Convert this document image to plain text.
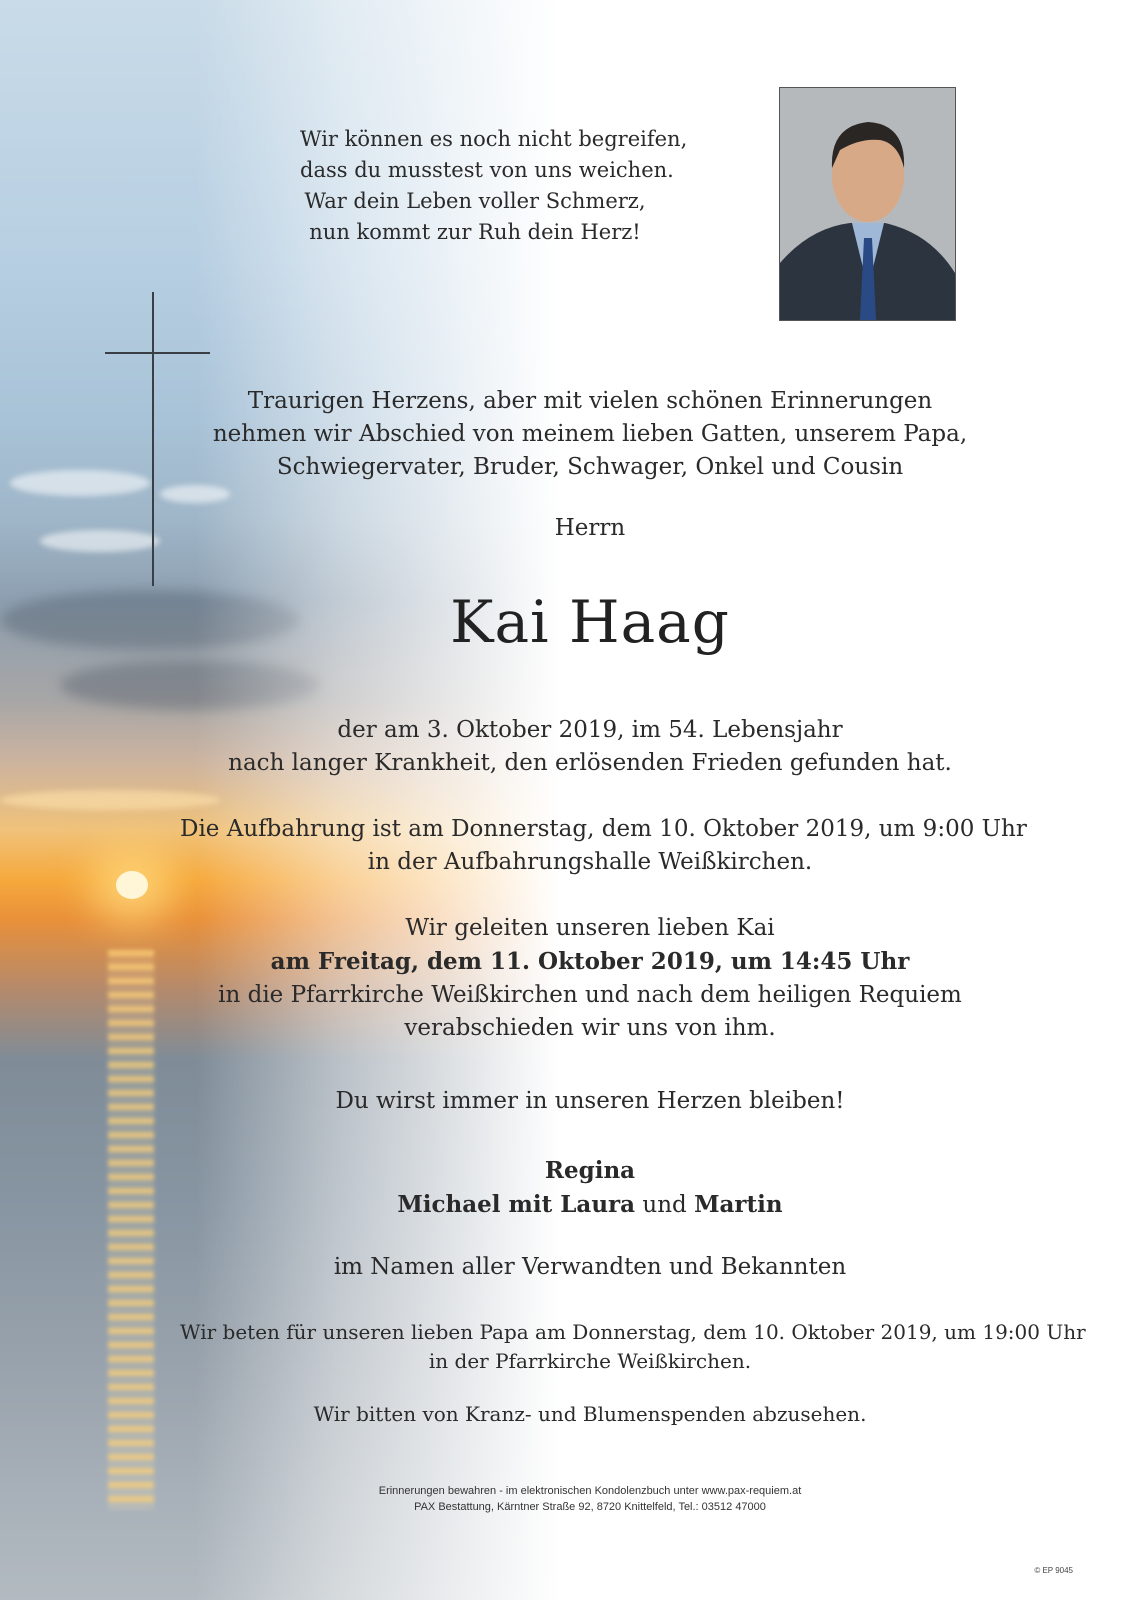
Wir können es noch nicht begreifen,
dass du musstest von uns weichen.
War dein Leben voller Schmerz,
nun kommt zur Ruh dein Herz!
Traurigen Herzens, aber mit vielen schönen Erinnerungen
nehmen wir Abschied von meinem lieben Gatten, unserem Papa,
Schwiegervater, Bruder, Schwager, Onkel und Cousin
Herrn
Kai Haag
der am 3. Oktober 2019, im 54. Lebensjahr
nach langer Krankheit, den erlösenden Frieden gefunden hat.
Die Aufbahrung ist am Donnerstag, dem 10. Oktober 2019, um 9:00 Uhr
in der Aufbahrungshalle Weißkirchen.
Wir geleiten unseren lieben Kai
am Freitag, dem 11. Oktober 2019, um 14:45 Uhr
in die Pfarrkirche Weißkirchen und nach dem heiligen Requiem
verabschieden wir uns von ihm.
Du wirst immer in unseren Herzen bleiben!
Regina
Michael mit Laura und Martin
im Namen aller Verwandten und Bekannten
Wir beten für unseren lieben Papa am Donnerstag, dem 10. Oktober 2019, um 19:00 Uhr
in der Pfarrkirche Weißkirchen.
Wir bitten von Kranz- und Blumenspenden abzusehen.
Erinnerungen bewahren - im elektronischen Kondolenzbuch unter www.pax-requiem.at
PAX Bestattung, Kärntner Straße 92, 8720 Knittelfeld, Tel.: 03512 47000
© EP 9045
